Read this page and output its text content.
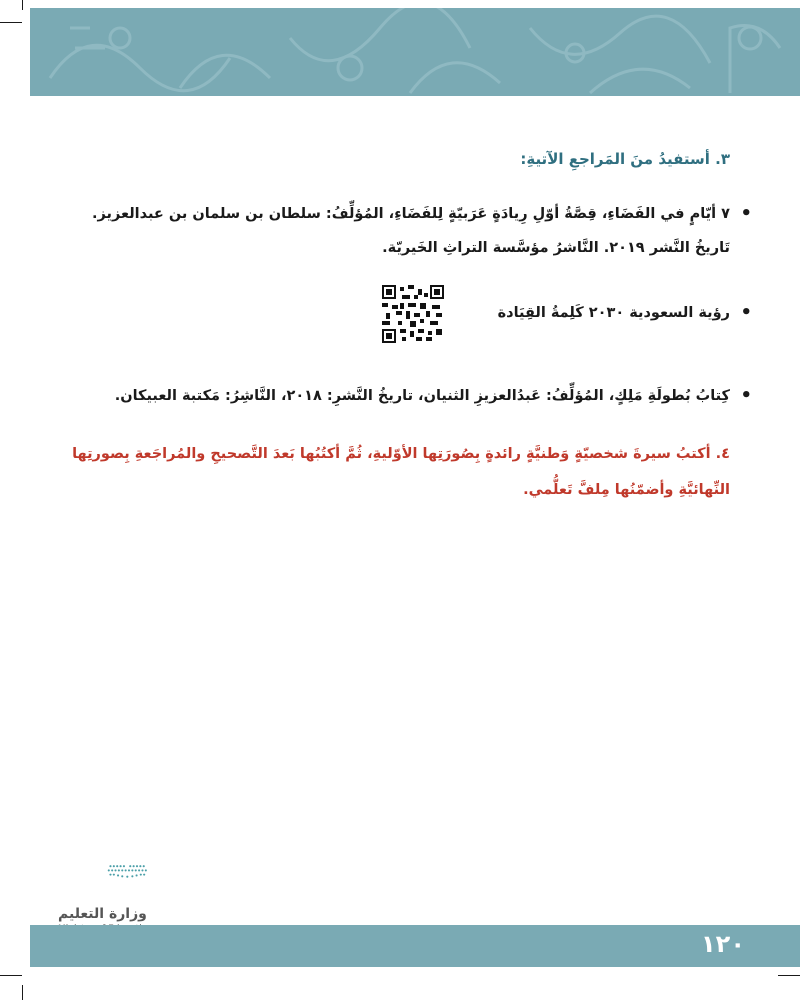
٣. أستفيدُ منَ المَراجعِ الآتيةِ:
•
٧ أيّامٍ في الفَضَاءِ، قِصَّةُ أوّلِ رِيادَةٍ عَرَبيّةٍ لِلفَضَاءِ، المُؤلِّفُ: سلطان بن سلمان بن عبدالعزيز.
تَاريخُ النَّشر ٢٠١٩. النَّاشرُ مؤسَّسة التراثِ الخَيريّة.
•
رؤية السعودية ٢٠٣٠ كَلِمةُ القِيَادة
•
كِتابُ بُطولَةِ مَلِكٍ، المُؤلِّفُ: عَبدُالعزيزِ الثنيان، تاريخُ النَّشرِ: ٢٠١٨، النَّاشِرُ: مَكتبة العبيكان.
٤. أكتبُ سيرةَ شخصيّةٍ وَطنيَّةٍ رائدةٍ بِصُورَتِها الأوّليةِ، ثُمَّ أكتُبُها بَعدَ التَّصحيحِ والمُراجَعةِ بِصورتِها
النِّهائيَّةِ وأضمّنُها مِلفَّ تَعلُّمي.
وزارة التعليم
١٢٠
